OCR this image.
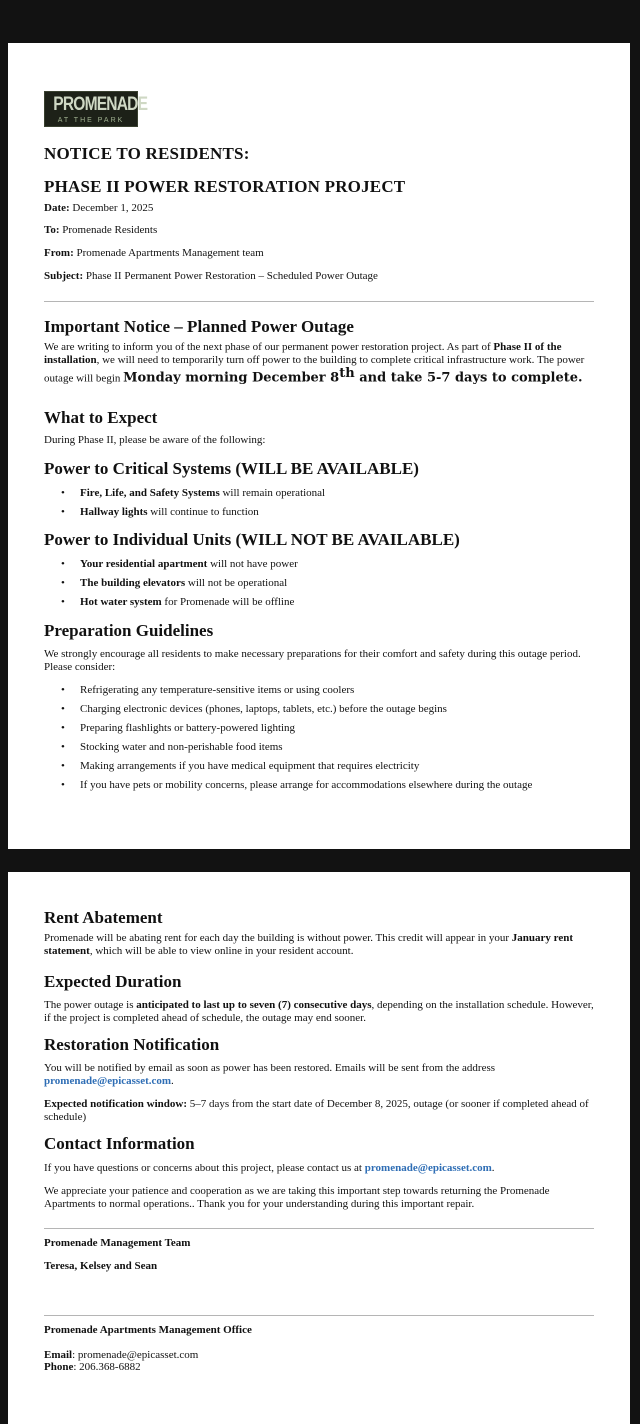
PROMENADE
AT THE PARK
NOTICE TO RESIDENTS:
PHASE II POWER RESTORATION PROJECT
Date: December 1, 2025
To: Promenade Residents
From: Promenade Apartments Management team
Subject: Phase II Permanent Power Restoration – Scheduled Power Outage
Important Notice – Planned Power Outage

We are writing to inform you of the next phase of our permanent power restoration project. As part of Phase II of the installation, we will need to temporarily turn off power to the building to complete critical infrastructure work. The power outage will begin Monday morning December 8th and take 5-7 days to complete.

What to Expect

During Phase II, please be aware of the following:

Power to Critical Systems (WILL BE AVAILABLE)
• Fire, Life, and Safety Systems will remain operational
• Hallway lights will continue to function
Power to Individual Units (WILL NOT BE AVAILABLE)
• Your residential apartment will not have power
• The building elevators will not be operational
• Hot water system for Promenade will be offline
Preparation Guidelines

We strongly encourage all residents to make necessary preparations for their comfort and safety during this outage period. Please consider:

• Refrigerating any temperature-sensitive items or using coolers
• Charging electronic devices (phones, laptops, tablets, etc.) before the outage begins
• Preparing flashlights or battery-powered lighting
• Stocking water and non-perishable food items
• Making arrangements if you have medical equipment that requires electricity
• If you have pets or mobility concerns, please arrange for accommodations elsewhere during the outage
Rent Abatement

Promenade will be abating rent for each day the building is without power. This credit will appear in your January rent statement, which will be able to view online in your resident account.

Expected Duration

The power outage is anticipated to last up to seven (7) consecutive days, depending on the installation schedule. However, if the project is completed ahead of schedule, the outage may end sooner.

Restoration Notification

You will be notified by email as soon as power has been restored. Emails will be sent from the address promenade@epicasset.com.

Expected notification window: 5–7 days from the start date of December 8, 2025, outage (or sooner if completed ahead of schedule)

Contact Information

If you have questions or concerns about this project, please contact us at promenade@epicasset.com.

We appreciate your patience and cooperation as we are taking this important step towards returning the Promenade Apartments to normal operations.. Thank you for your understanding during this important repair.

Promenade Management Team
Teresa, Kelsey and Sean
Promenade Apartments Management Office
Email: promenade@epicasset.com
Phone: 206.368-6882
